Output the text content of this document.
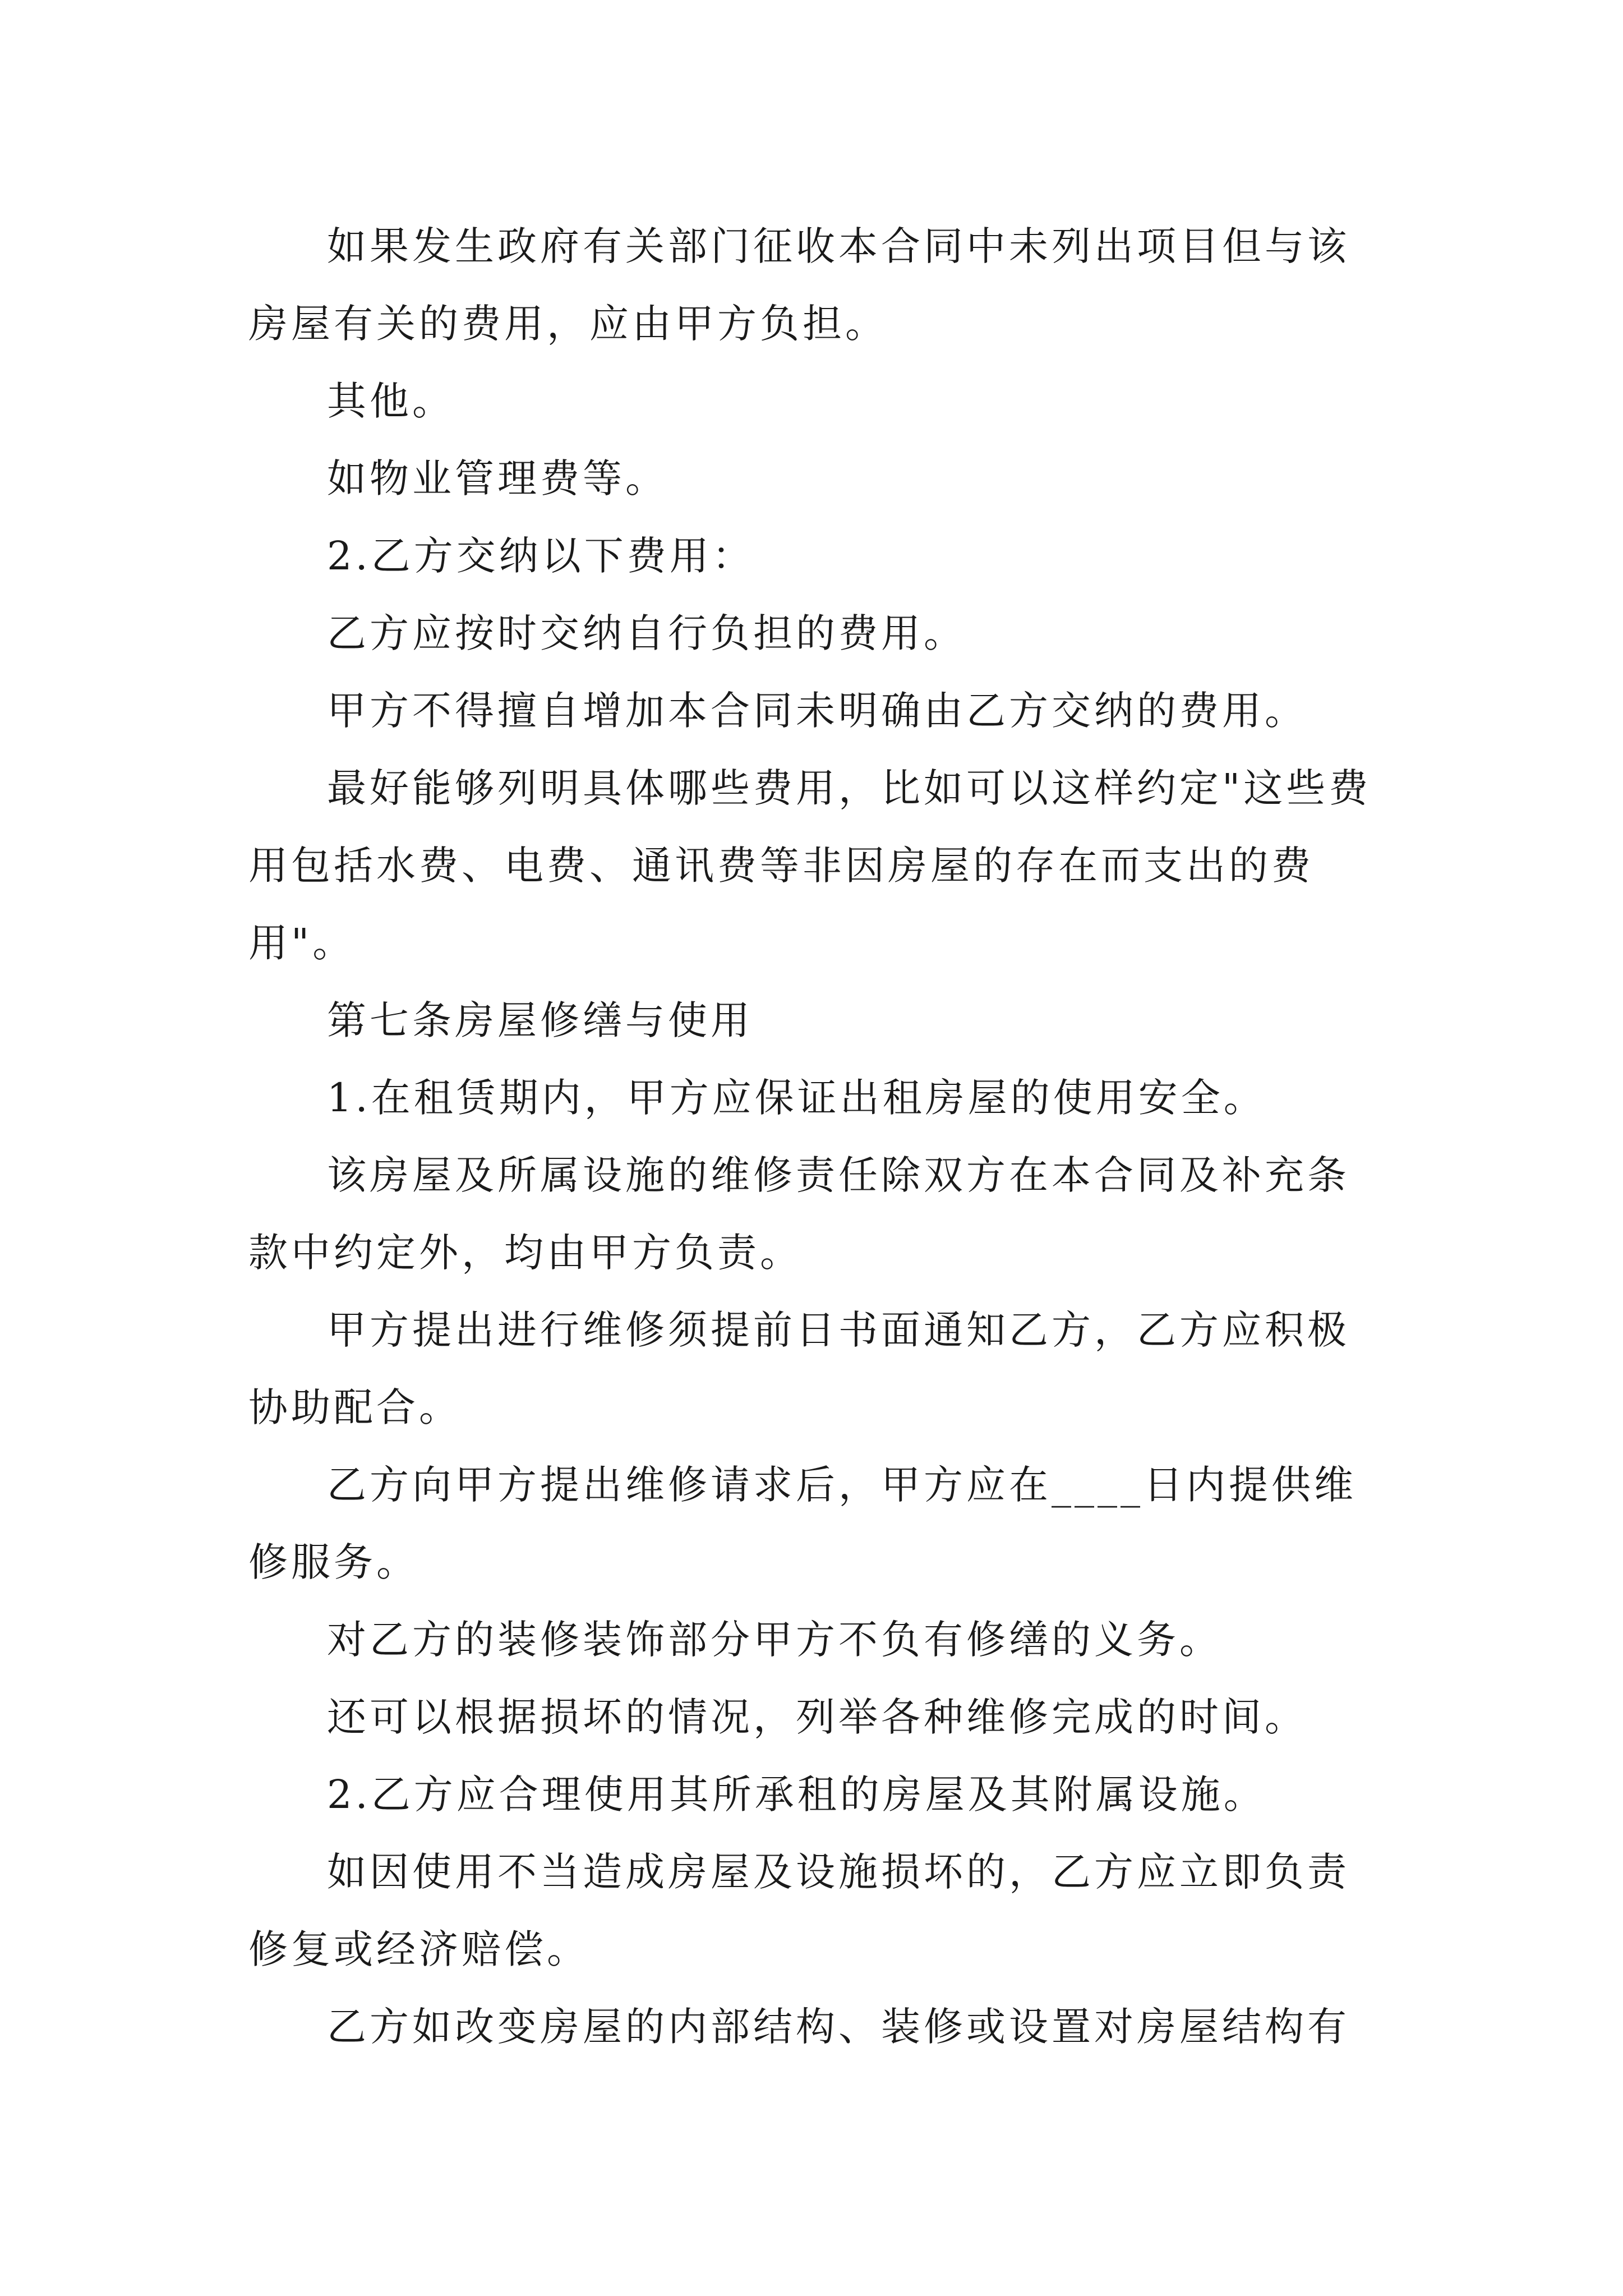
如果发生政府有关部门征收本合同中未列出项目但与该房屋有关的费用，应由甲方负担。

其他。

如物业管理费等。

2.乙方交纳以下费用：

乙方应按时交纳自行负担的费用。

甲方不得擅自增加本合同未明确由乙方交纳的费用。

最好能够列明具体哪些费用，比如可以这样约定"这些费用包括水费、电费、通讯费等非因房屋的存在而支出的费用"。

第七条房屋修缮与使用

1.在租赁期内，甲方应保证出租房屋的使用安全。

该房屋及所属设施的维修责任除双方在本合同及补充条款中约定外，均由甲方负责。

甲方提出进行维修须提前日书面通知乙方，乙方应积极协助配合。

乙方向甲方提出维修请求后，甲方应在____日内提供维修服务。

对乙方的装修装饰部分甲方不负有修缮的义务。

还可以根据损坏的情况，列举各种维修完成的时间。

2.乙方应合理使用其所承租的房屋及其附属设施。

如因使用不当造成房屋及设施损坏的，乙方应立即负责修复或经济赔偿。

乙方如改变房屋的内部结构、装修或设置对房屋结构有
